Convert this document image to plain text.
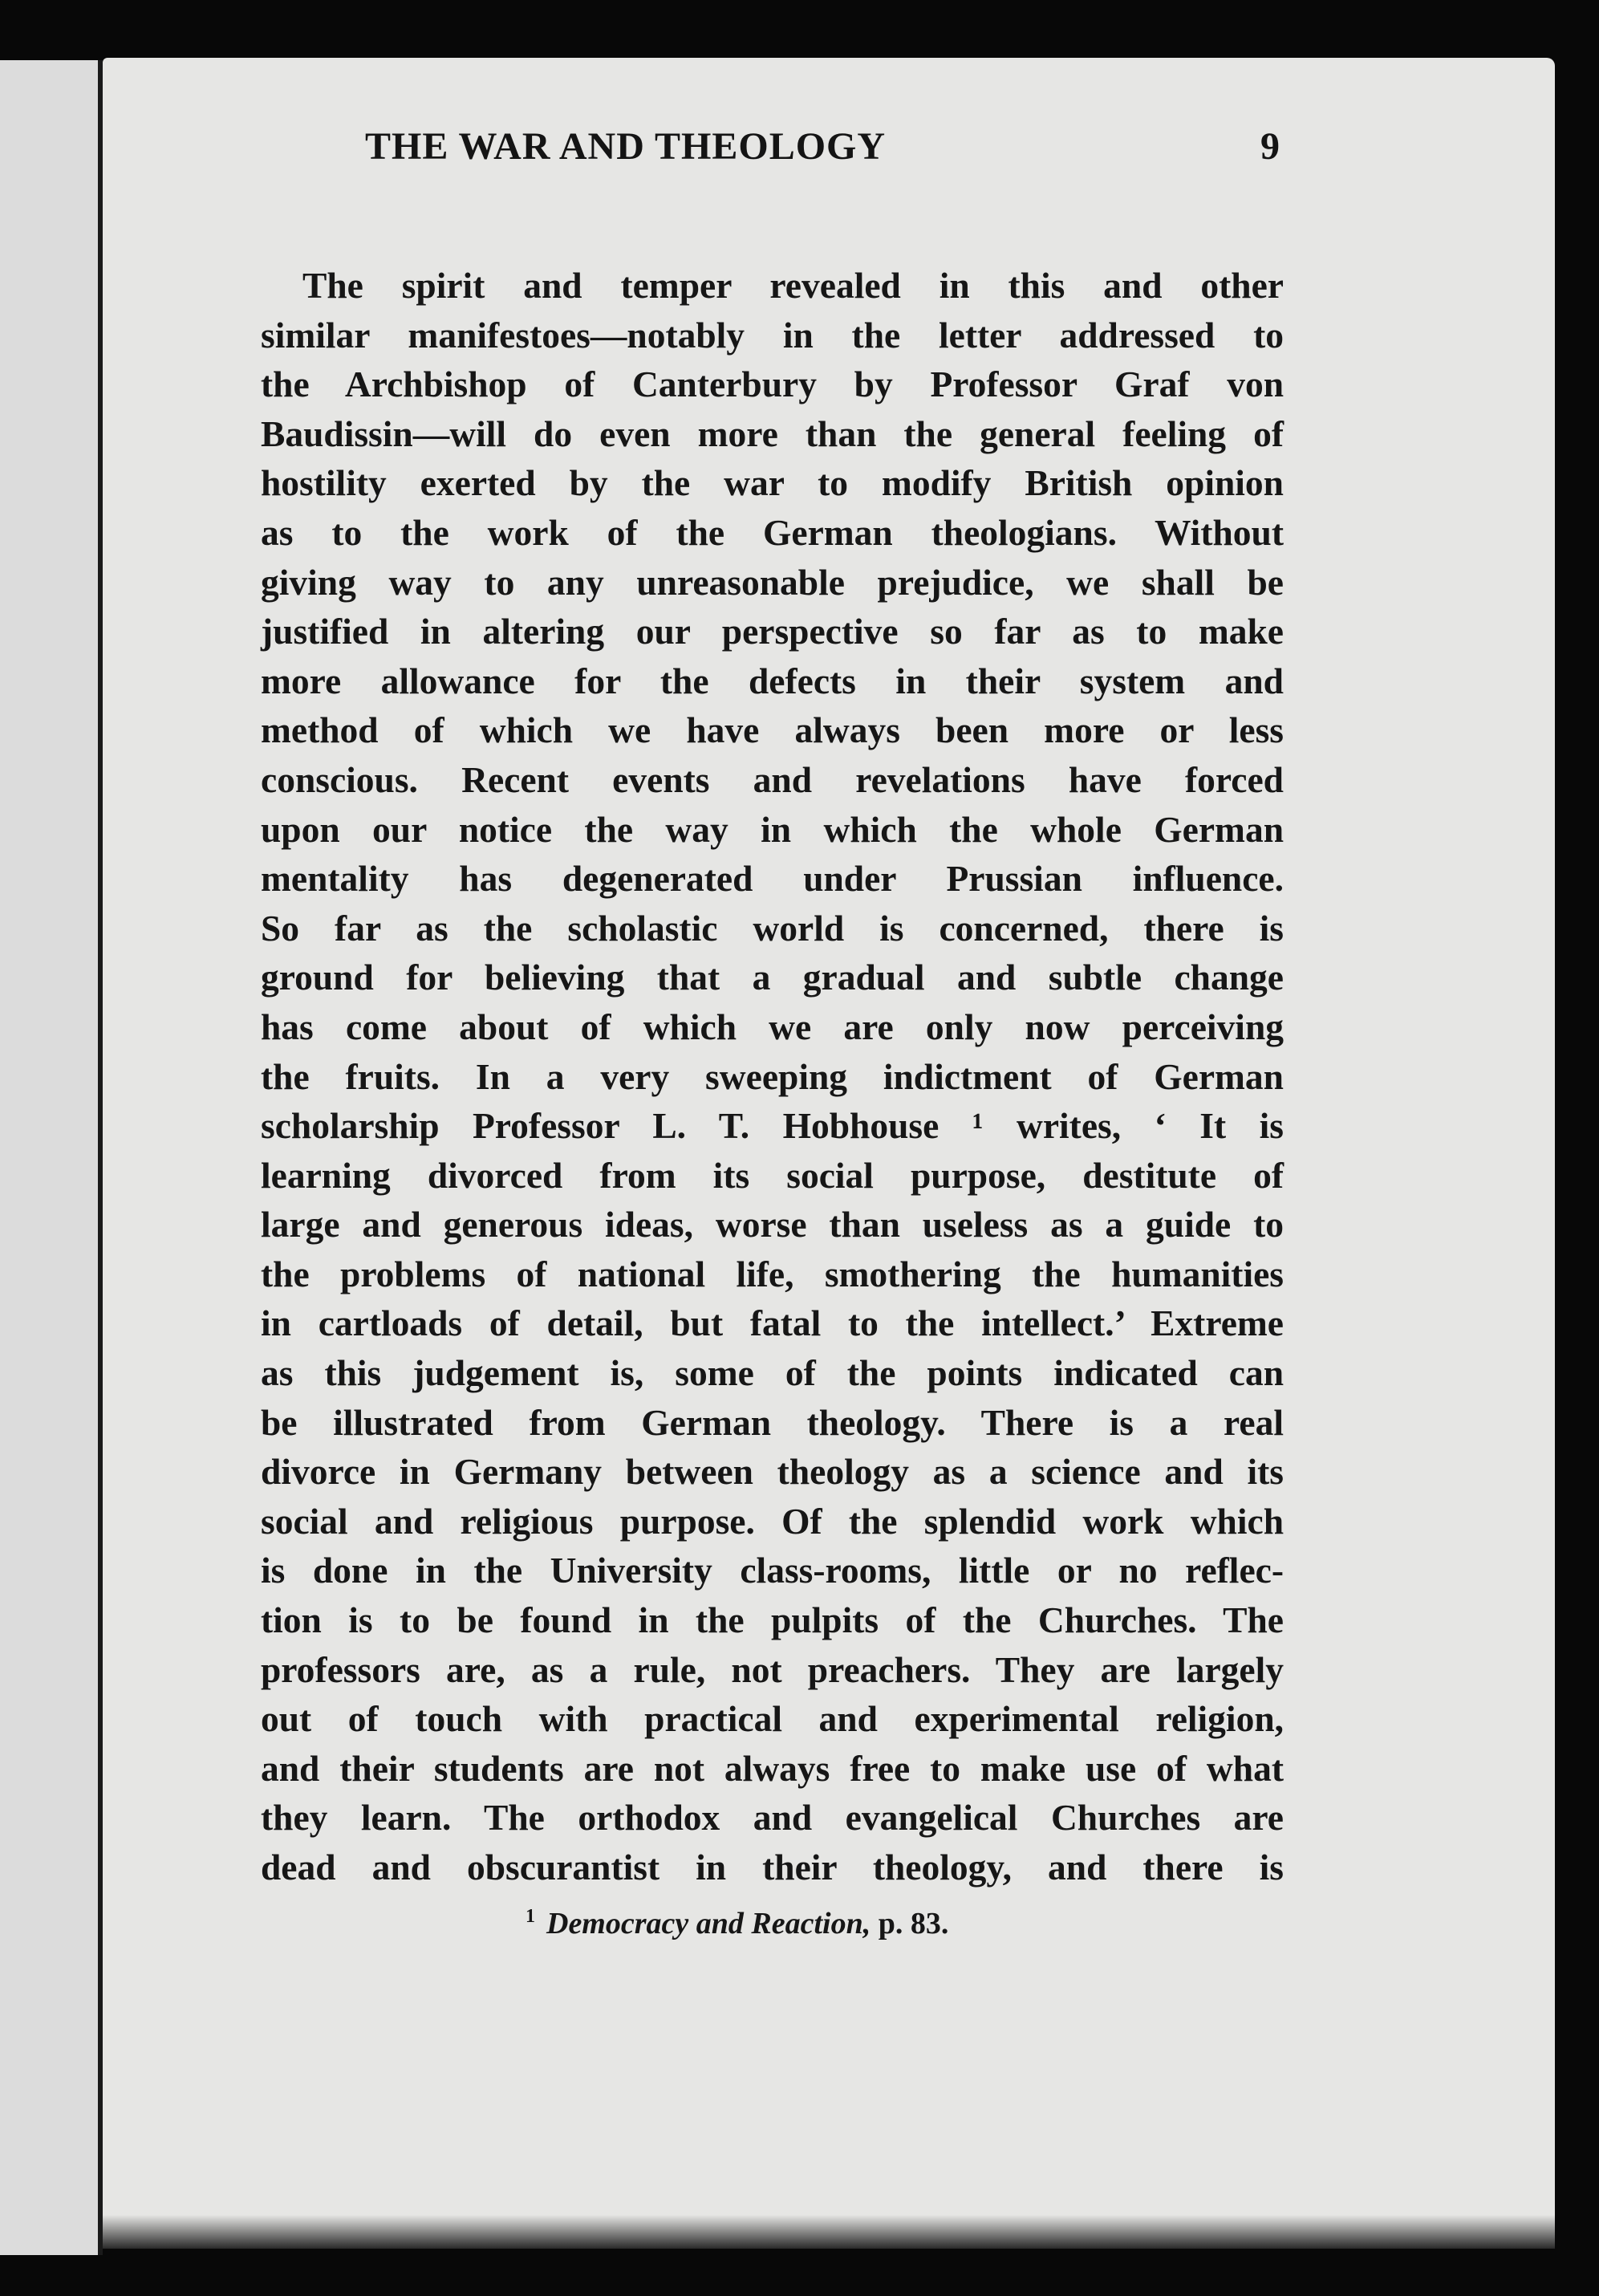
THE WAR AND THEOLOGY	9
The spirit and temper revealed in this and other
similar manifestoes—notably in the letter addressed to
the Archbishop of Canterbury by Professor Graf von
Baudissin—will do even more than the general feeling of
hostility exerted by the war to modify British opinion
as to the work of the German theologians. Without
giving way to any unreasonable prejudice, we shall be
justified in altering our perspective so far as to make
more allowance for the defects in their system and
method of which we have always been more or less
conscious. Recent events and revelations have forced
upon our notice the way in which the whole German
mentality has degenerated under Prussian influence.
So far as the scholastic world is concerned, there is
ground for believing that a gradual and subtle change
has come about of which we are only now perceiving
the fruits. In a very sweeping indictment of German
scholarship Professor L. T. Hobhouse ¹ writes, ‘ It is
learning divorced from its social purpose, destitute of
large and generous ideas, worse than useless as a guide to
the problems of national life, smothering the humanities
in cartloads of detail, but fatal to the intellect.’ Extreme
as this judgement is, some of the points indicated can
be illustrated from German theology. There is a real
divorce in Germany between theology as a science and its
social and religious purpose. Of the splendid work which
is done in the University class-rooms, little or no reflec-
tion is to be found in the pulpits of the Churches. The
professors are, as a rule, not preachers. They are largely
out of touch with practical and experimental religion,
and their students are not always free to make use of what
they learn. The orthodox and evangelical Churches are
dead and obscurantist in their theology, and there is
$^1$ Democracy and Reaction, p. 83.
